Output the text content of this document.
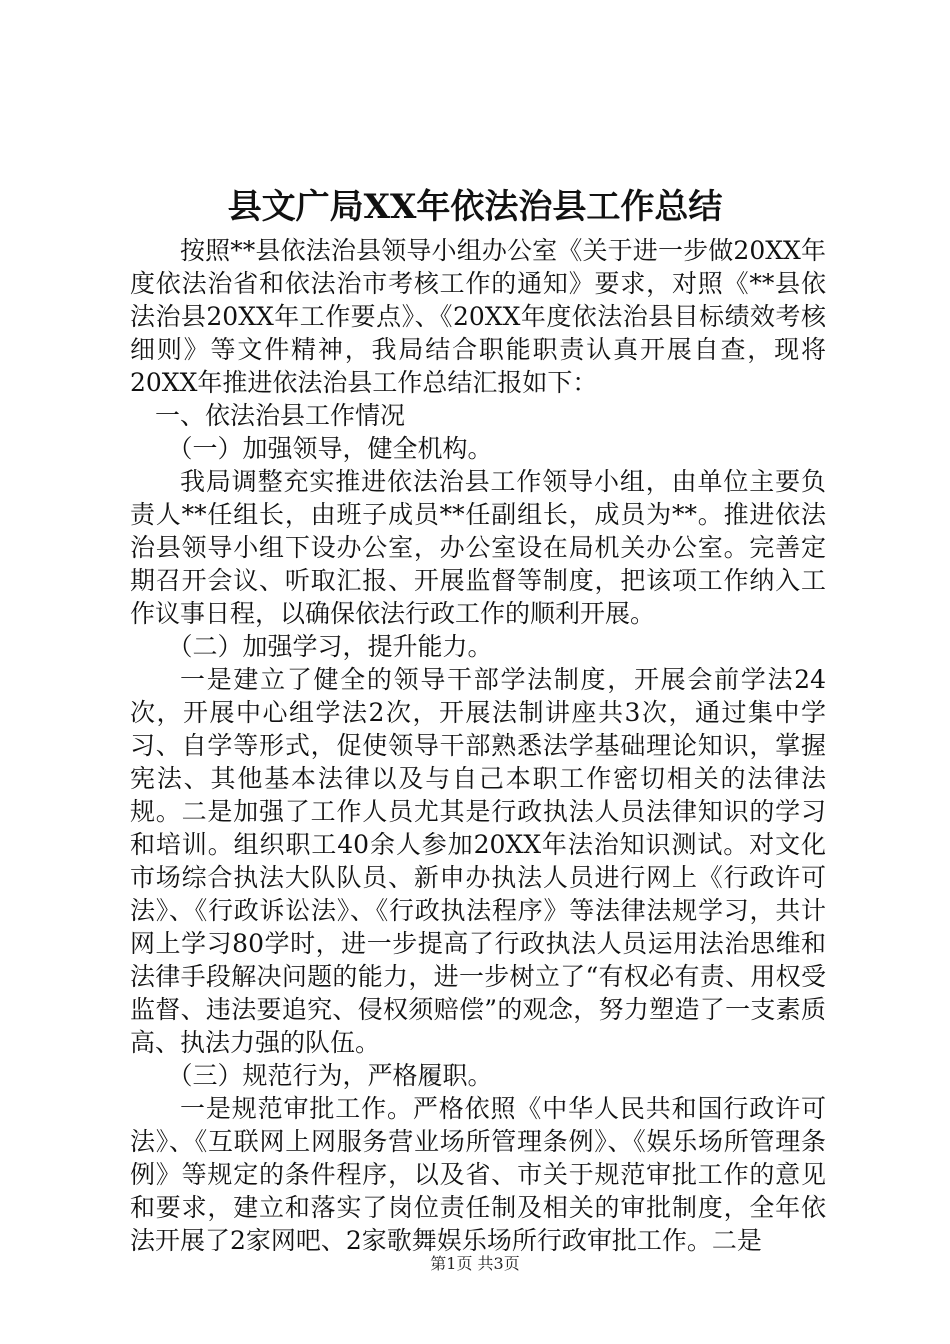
县文广局XX年依法治县工作总结

按照**县依法治县领导小组办公室《关于进一步做20XX年度依法治省和依法治市考核工作的通知》要求，对照《**县依法治县20XX年工作要点》、《20XX年度依法治县目标绩效考核细则》等文件精神，我局结合职能职责认真开展自查，现将20XX年推进依法治县工作总结汇报如下：

一、依法治县工作情况

（一）加强领导，健全机构。

我局调整充实推进依法治县工作领导小组，由单位主要负责人**任组长，由班子成员**任副组长，成员为**。推进依法治县领导小组下设办公室，办公室设在局机关办公室。完善定期召开会议、听取汇报、开展监督等制度，把该项工作纳入工作议事日程，以确保依法行政工作的顺利开展。

（二）加强学习，提升能力。

一是建立了健全的领导干部学法制度，开展会前学法24次，开展中心组学法2次，开展法制讲座共3次，通过集中学习、自学等形式，促使领导干部熟悉法学基础理论知识，掌握宪法、其他基本法律以及与自己本职工作密切相关的法律法规。二是加强了工作人员尤其是行政执法人员法律知识的学习和培训。组织职工40余人参加20XX年法治知识测试。对文化市场综合执法大队队员、新申办执法人员进行网上《行政许可法》、《行政诉讼法》、《行政执法程序》等法律法规学习，共计网上学习80学时，进一步提高了行政执法人员运用法治思维和法律手段解决问题的能力，进一步树立了“有权必有责、用权受监督、违法要追究、侵权须赔偿”的观念，努力塑造了一支素质高、执法力强的队伍。

（三）规范行为，严格履职。

一是规范审批工作。严格依照《中华人民共和国行政许可法》、《互联网上网服务营业场所管理条例》、《娱乐场所管理条例》等规定的条件程序，以及省、市关于规范审批工作的意见和要求，建立和落实了岗位责任制及相关的审批制度，全年依法开展了2家网吧、2家歌舞娱乐场所行政审批工作。二是

第1页 共3页
